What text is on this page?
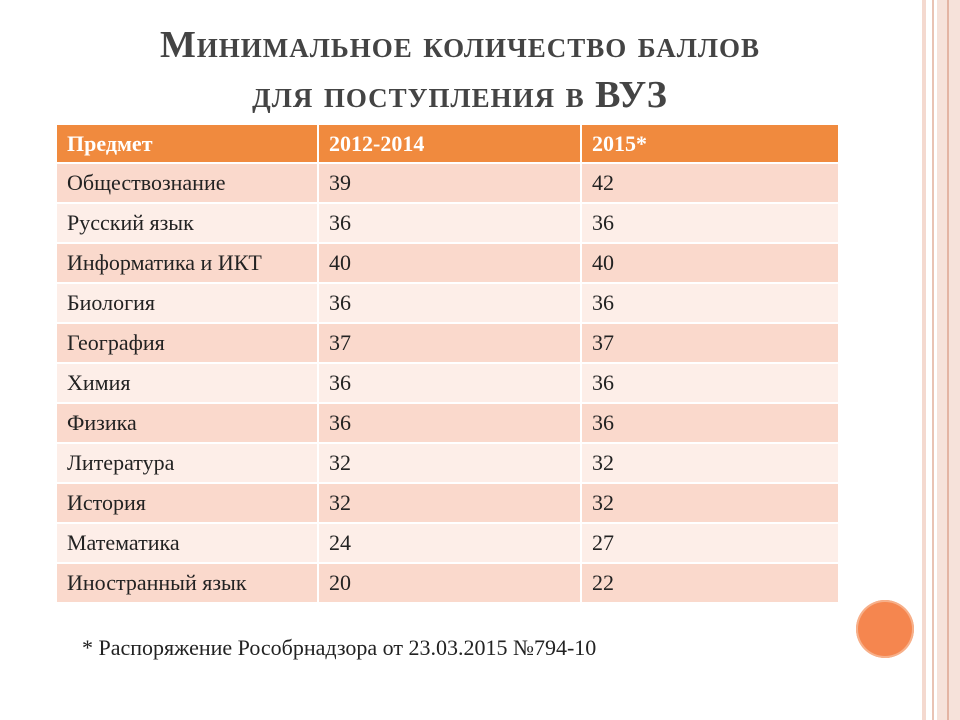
Минимальное количество баллов
для поступления в ВУЗ
Предмет	2012-2014	2015*
Обществознание	39	42
Русский язык	36	36
Информатика и ИКТ	40	40
Биология	36	36
География	37	37
Химия	36	36
Физика	36	36
Литература	32	32
История	32	32
Математика	24	27
Иностранный язык	20	22
* Распоряжение Рособрнадзора от 23.03.2015 №794-10
